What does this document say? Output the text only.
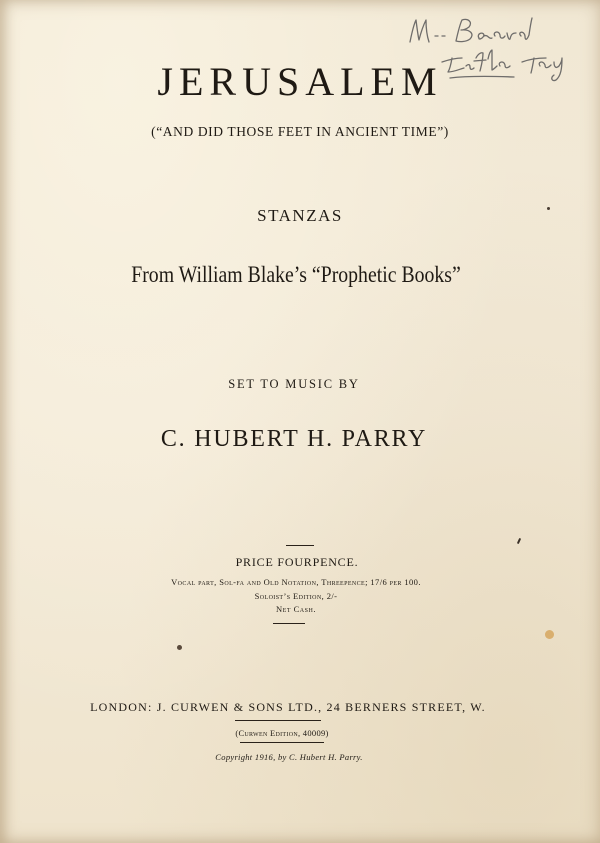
JERUSALEM
(“AND DID THOSE FEET IN ANCIENT TIME”)
STANZAS
From William Blake’s “Prophetic Books”
SET TO MUSIC BY
C. HUBERT H. PARRY
PRICE FOURPENCE.
Vocal part, Sol-fa and Old Notation, Threepence; 17/6 per 100.
Soloist’s Edition, 2/-
Net Cash.
LONDON: J. CURWEN & SONS LTD., 24 BERNERS STREET, W.
(Curwen Edition, 40009)
Copyright 1916, by C. Hubert H. Parry.
